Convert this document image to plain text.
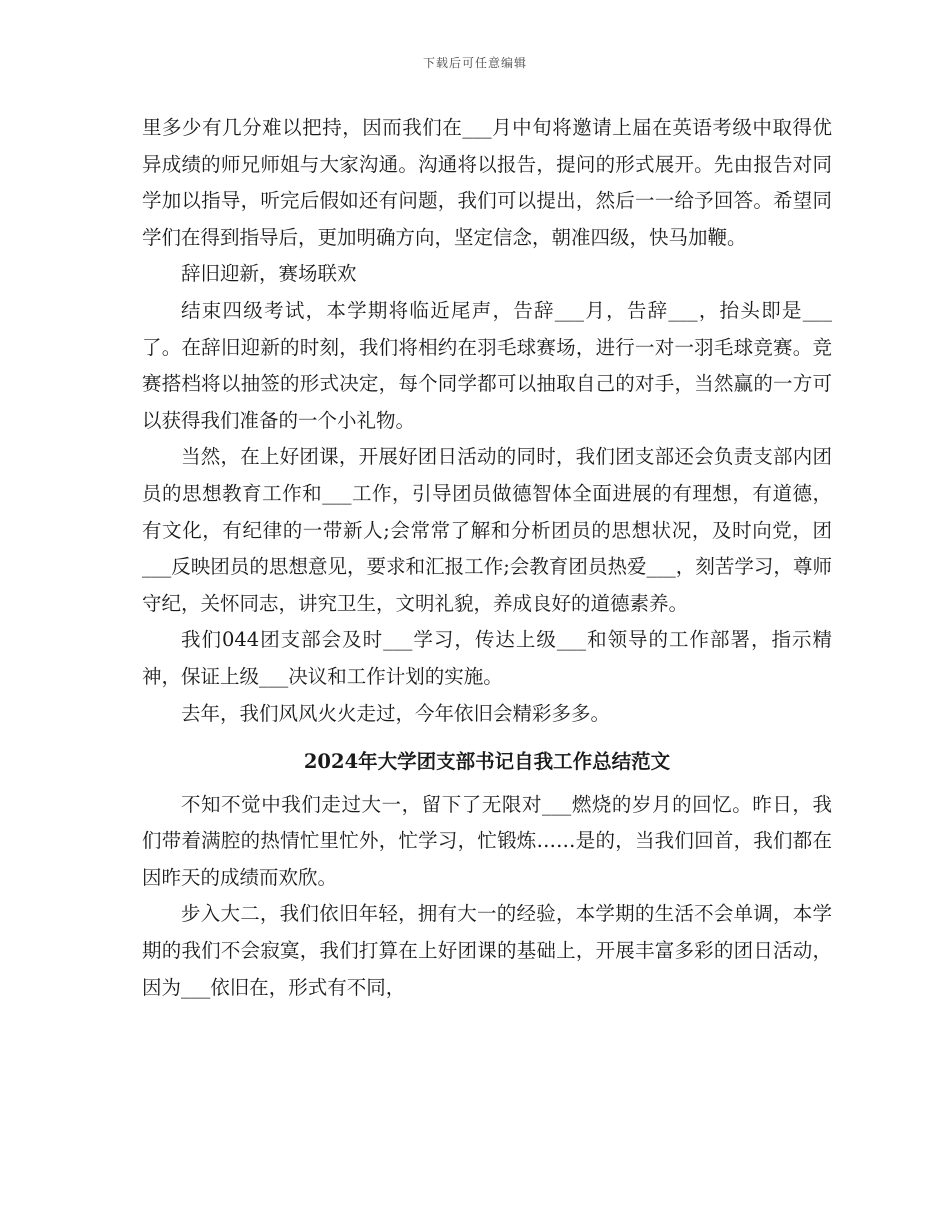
下载后可任意编辑

里多少有几分难以把持，因而我们在___月中旬将邀请上届在英语考级中取得优异成绩的师兄师姐与大家沟通。沟通将以报告，提问的形式展开。先由报告对同学加以指导，听完后假如还有问题，我们可以提出，然后一一给予回答。希望同学们在得到指导后，更加明确方向，坚定信念，朝准四级，快马加鞭。

辞旧迎新，赛场联欢

结束四级考试，本学期将临近尾声，告辞___月，告辞___，抬头即是___了。在辞旧迎新的时刻，我们将相约在羽毛球赛场，进行一对一羽毛球竞赛。竞赛搭档将以抽签的形式决定，每个同学都可以抽取自己的对手，当然赢的一方可以获得我们准备的一个小礼物。

当然，在上好团课，开展好团日活动的同时，我们团支部还会负责支部内团员的思想教育工作和___工作，引导团员做德智体全面进展的有理想，有道德，有文化，有纪律的一带新人;会常常了解和分析团员的思想状况，及时向党，团___反映团员的思想意见，要求和汇报工作;会教育团员热爱___，刻苦学习，尊师守纪，关怀同志，讲究卫生，文明礼貌，养成良好的道德素养。

我们044团支部会及时___学习，传达上级___和领导的工作部署，指示精神，保证上级___决议和工作计划的实施。

去年，我们风风火火走过，今年依旧会精彩多多。

2024年大学团支部书记自我工作总结范文

不知不觉中我们走过大一，留下了无限对___燃烧的岁月的回忆。昨日，我们带着满腔的热情忙里忙外，忙学习，忙锻炼……是的，当我们回首，我们都在因昨天的成绩而欢欣。

步入大二，我们依旧年轻，拥有大一的经验，本学期的生活不会单调，本学期的我们不会寂寞，我们打算在上好团课的基础上，开展丰富多彩的团日活动，因为___依旧在，形式有不同，
